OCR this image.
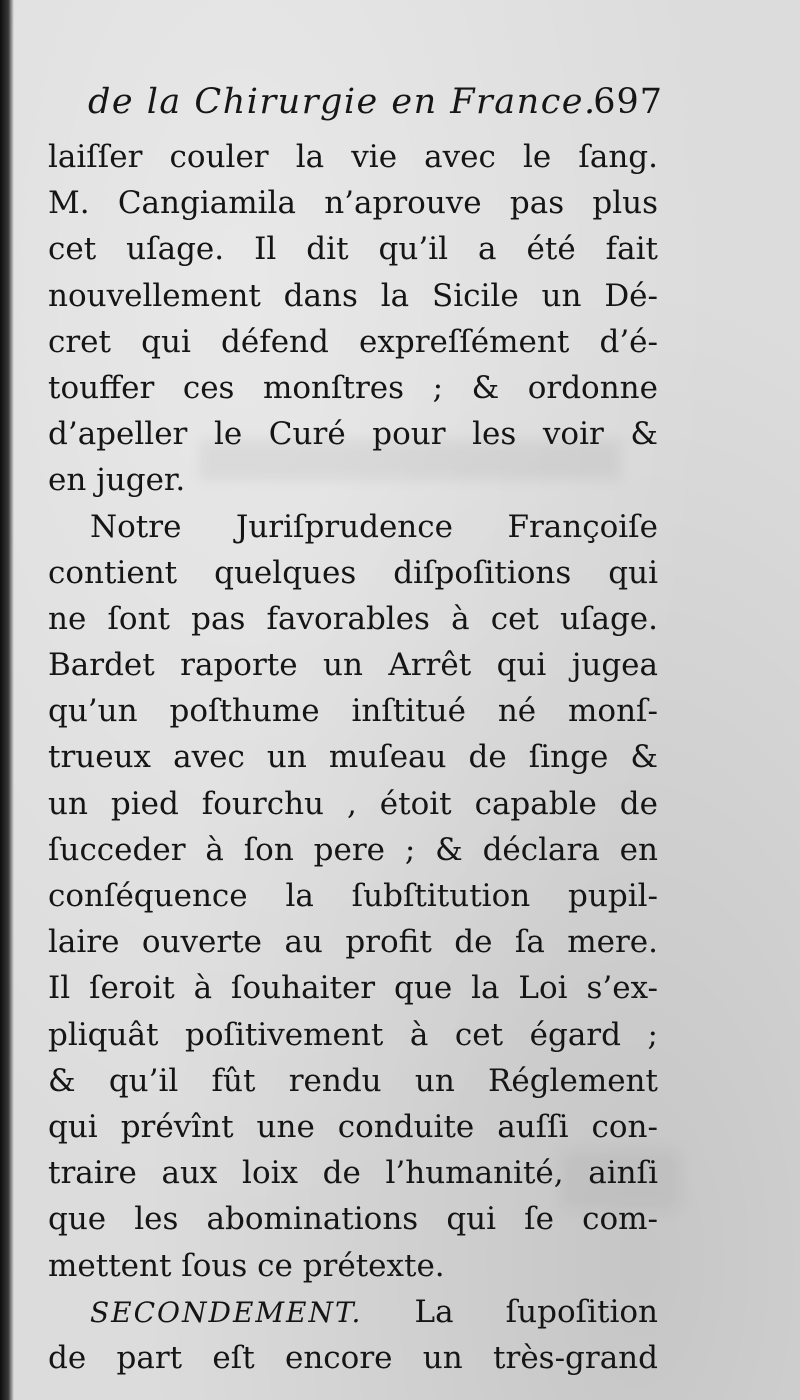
de la Chirurgie en France.
697
laiſſer couler la vie avec le ſang.
M. Cangiamila n’aprouve pas plus
cet uſage. Il dit qu’il a été fait
nouvellement dans la Sicile un Dé-
cret qui défend expreſſément d’é-
touffer ces monſtres ; & ordonne
d’apeller le Curé pour les voir &
en juger.
Notre Juriſprudence Françoiſe
contient quelques diſpoſitions qui
ne ſont pas favorables à cet uſage.
Bardet raporte un Arrêt qui jugea
qu’un poſthume inſtitué né monſ-
trueux avec un muſeau de ſinge &
un pied fourchu , étoit capable de
ſucceder à ſon pere ; & déclara en
conſéquence la ſubſtitution pupil-
laire ouverte au profit de ſa mere.
Il ſeroit à ſouhaiter que la Loi s’ex-
pliquât poſitivement à cet égard ;
& qu’il fût rendu un Réglement
qui prévînt une conduite auſſi con-
traire aux loix de l’humanité, ainſi
que les abominations qui ſe com-
mettent ſous ce prétexte.
SECONDEMENT. La ſupoſition
de part eſt encore un très-grand
